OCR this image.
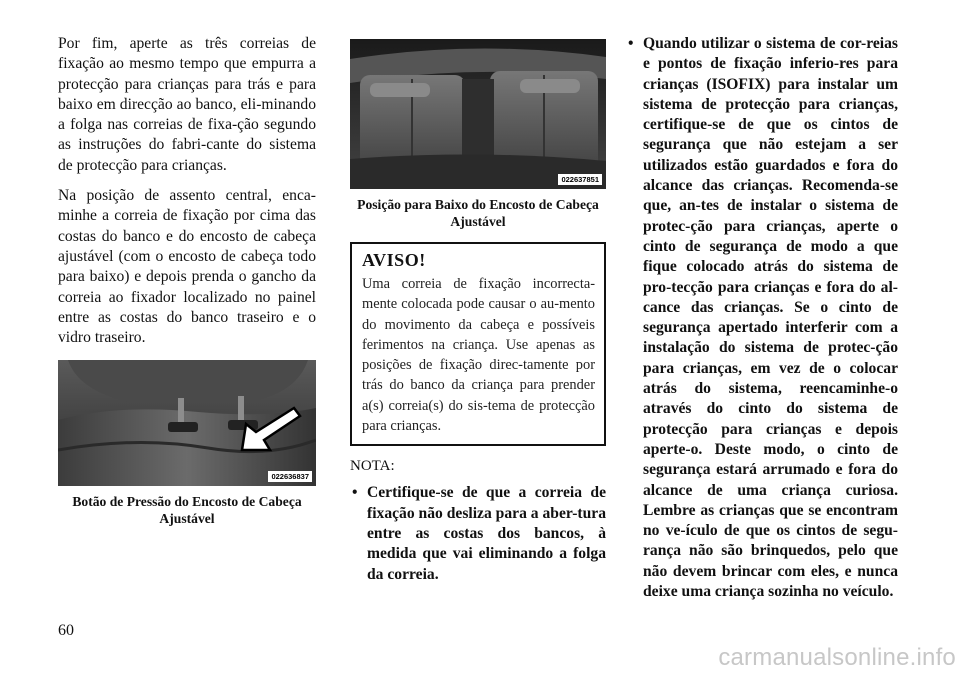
Por fim, aperte as três correias de fixação ao mesmo tempo que empurra a protecção para crianças para trás e para baixo em direcção ao banco, eli-minando a folga nas correias de fixa-ção segundo as instruções do fabri-cante do sistema de protecção para crianças.

Na posição de assento central, enca-minhe a correia de fixação por cima das costas do banco e do encosto de cabeça ajustável (com o encosto de cabeça todo para baixo) e depois prenda o gancho da correia ao fixador localizado no painel entre as costas do banco traseiro e o vidro traseiro.

022636837
Botão de Pressão do Encosto de Cabeça Ajustável
022637851
Posição para Baixo do Encosto de Cabeça Ajustável
AVISO!
Uma correia de fixação incorrecta-mente colocada pode causar o au-mento do movimento da cabeça e possíveis ferimentos na criança. Use apenas as posições de fixação direc-tamente por trás do banco da criança para prender a(s) correia(s) do sis-tema de protecção para crianças.
NOTA:
• Certifique-se de que a correia de fixação não desliza para a aber-tura entre as costas dos bancos, à medida que vai eliminando a folga da correia.
• Quando utilizar o sistema de cor-reias e pontos de fixação inferio-res para crianças (ISOFIX) para instalar um sistema de protecção para crianças, certifique-se de que os cintos de segurança que não estejam a ser utilizados estão guardados e fora do alcance das crianças. Recomenda-se que, an-tes de instalar o sistema de protec-ção para crianças, aperte o cinto de segurança de modo a que fique colocado atrás do sistema de pro-tecção para crianças e fora do al-cance das crianças. Se o cinto de segurança apertado interferir com a instalação do sistema de protec-ção para crianças, em vez de o colocar atrás do sistema, reencaminhe-o através do cinto do sistema de protecção para crianças e depois aperte-o. Deste modo, o cinto de segurança estará arrumado e fora do alcance de uma criança curiosa. Lembre as crianças que se encontram no ve-ículo de que os cintos de segu-rança não são brinquedos, pelo que não devem brincar com eles, e nunca deixe uma criança sozinha no veículo.
60
carmanualsonline.info
